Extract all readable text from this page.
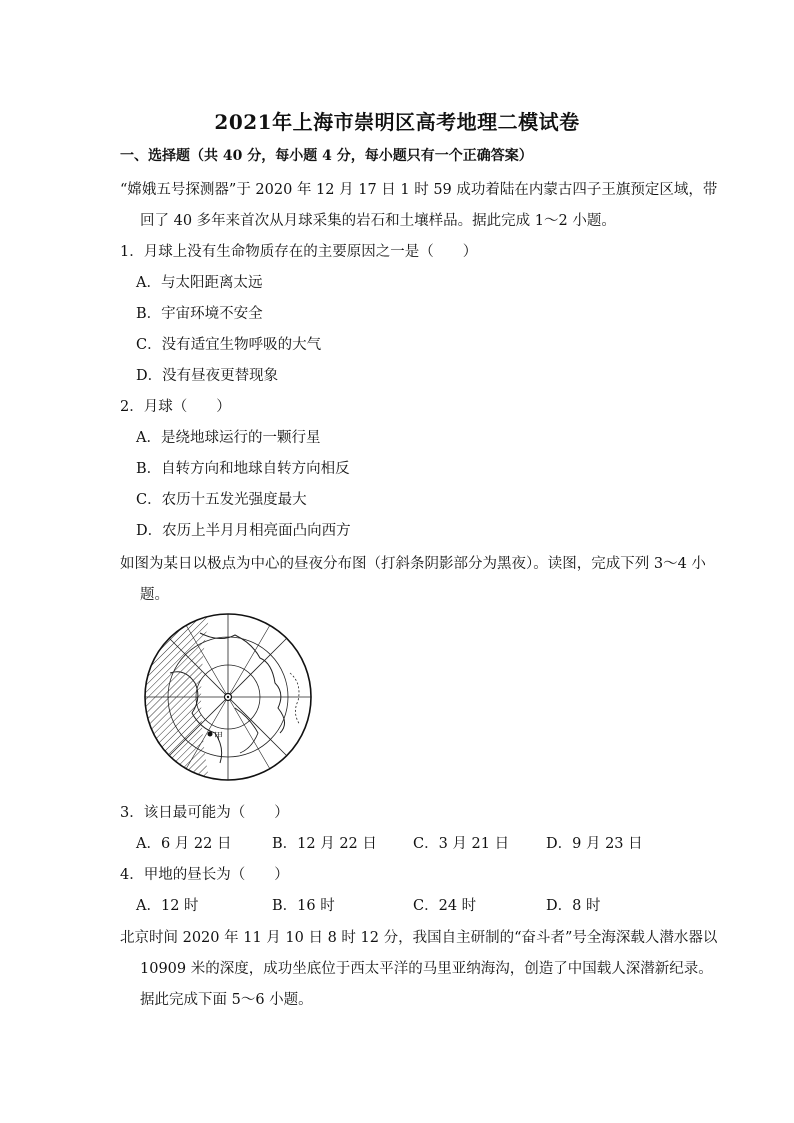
2021年上海市崇明区高考地理二模试卷
一、选择题（共 40 分，每小题 4 分，每小题只有一个正确答案）
“嫦娥五号探测器”于 2020 年 12 月 17 日 1 时 59 成功着陆在内蒙古四子王旗预定区域，带
回了 40 多年来首次从月球采集的岩石和土壤样品。据此完成 1～2 小题。
1．月球上没有生命物质存在的主要原因之一是（　　）
A．与太阳距离太远
B．宇宙环境不安全
C．没有适宜生物呼吸的大气
D．没有昼夜更替现象
2．月球（　　）
A．是绕地球运行的一颗行星
B．自转方向和地球自转方向相反
C．农历十五发光强度最大
D．农历上半月月相亮面凸向西方
如图为某日以极点为中心的昼夜分布图（打斜条阴影部分为黑夜）。读图，完成下列 3～4 小
题。
甲
3．该日最可能为（　　）
A．6 月 22 日	B．12 月 22 日 C．3 月 21 日	D．9 月 23 日
4．甲地的昼长为（　　）
A．12 时	B．16 时	C．24 时	D．8 时
北京时间 2020 年 11 月 10 日 8 时 12 分，我国自主研制的“奋斗者”号全海深载人潜水器以
10909 米的深度，成功坐底位于西太平洋的马里亚纳海沟，创造了中国载人深潜新纪录。
据此完成下面 5～6 小题。
